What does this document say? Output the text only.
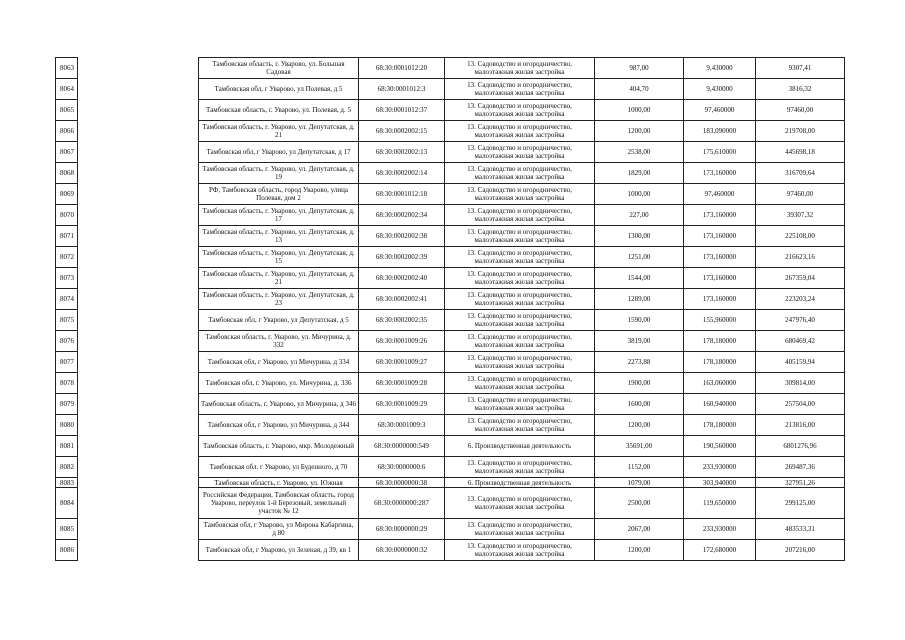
8063		Тамбовская область, г. Уварово, ул. Большая Садовая	68:30:0001012:20	13. Садоводство и огородничество, малоэтажная жилая застройка	987,00	9,430000	9307,41
8064		Тамбовская обл, г Уварово, ул Полевая, д 5	68:30:0001012:3	13. Садоводство и огородничество, малоэтажная жилая застройка	404,70	9,430000	3816,32
8065		Тамбовская область, г. Уварово, ул. Полевая, д. 5	68:30:0001012:37	13. Садоводство и огородничество, малоэтажная жилая застройка	1000,00	97,460000	97460,00
8066		Тамбовская область, г. Уварово, ул. Депутатская, д. 21	68:30:0002002:15	13. Садоводство и огородничество, малоэтажная жилая застройка	1200,00	183,090000	219708,00
8067		Тамбовская обл, г Уварово, ул Депутатская, д 17	68:30:0002002:13	13. Садоводство и огородничество, малоэтажная жилая застройка	2538,00	175,610000	445698,18
8068		Тамбовская область, г. Уварово, ул. Депутатская, д. 19	68:30:0002002:14	13. Садоводство и огородничество, малоэтажная жилая застройка	1829,00	173,160000	316709,64
8069		РФ, Тамбовская область, город Уварово, улица Полевая, дом 2	68:30:0001012:18	13. Садоводство и огородничество, малоэтажная жилая застройка	1000,00	97,460000	97460,00
8070		Тамбовская область, г. Уварово, ул. Депутатская, д. 17	68:30:0002002:34	13. Садоводство и огородничество, малоэтажная жилая застройка	227,00	173,160000	39307,32
8071		Тамбовская область, г. Уварово, ул. Депутатская, д. 13	68:30:0002002:38	13. Садоводство и огородничество, малоэтажная жилая застройка	1300,00	173,160000	225108,00
8072		Тамбовская область, г. Уварово, ул. Депутатская, д. 15	68:30:0002002:39	13. Садоводство и огородничество, малоэтажная жилая застройка	1251,00	173,160000	216623,16
8073		Тамбовская область, г. Уварово, ул. Депутатская, д. 21	68:30:0002002:40	13. Садоводство и огородничество, малоэтажная жилая застройка	1544,00	173,160000	267359,04
8074		Тамбовская область, г. Уварово, ул. Депутатская, д. 23	68:30:0002002:41	13. Садоводство и огородничество, малоэтажная жилая застройка	1289,00	173,160000	223203,24
8075		Тамбовская обл, г Уварово, ул Депутатская, д 5	68:30:0002002:35	13. Садоводство и огородничество, малоэтажная жилая застройка	1590,00	155,960000	247976,40
8076		Тамбовская область, г. Уварово, ул. Мичурина, д. 332	68:30:0001009:26	13. Садоводство и огородничество, малоэтажная жилая застройка	3819,00	178,180000	680469,42
8077		Тамбовская обл, г Уварово, ул Мичурина, д 334	68:30:0001009:27	13. Садоводство и огородничество, малоэтажная жилая застройка	2273,88	178,180000	405159,94
8078		Тамбовская обл, г. Уварово, ул. Мичурина, д. 336	68:30:0001009:28	13. Садоводство и огородничество, малоэтажная жилая застройка	1900,00	163,060000	309814,00
8079		Тамбовская область, г. Уварово, ул Мичурина, д 346	68:30:0001009:29	13. Садоводство и огородничество, малоэтажная жилая застройка	1600,00	160,940000	257504,00
8080		Тамбовская обл, г Уварово, ул Мичурина, д 344	68:30:0001009:3	13. Садоводство и огородничество, малоэтажная жилая застройка	1200,00	178,180000	213816,00
8081		Тамбовская область, г. Уварово, мкр. Молодежный	68:30:0000000:549	6. Производственная деятельность	35691,00	190,560000	6801276,96
8082		Тамбовская обл. г Уварово, ул Буденного, д 70	68:30:0000000:6	13. Садоводство и огородничество, малоэтажная жилая застройка	1152,00	233,930000	269487,36
8083		Тамбовская область, г. Уварово, ул. Южная	68:30:0000000:38	6. Производственная деятельность	1079,00	303,940000	327951,26
8084		Российская Федерация, Тамбовская область, город Уварово, переулок 1-й Березовый, земельный участок № 12	68:30:0000000:287	13. Садоводство и огородничество, малоэтажная жилая застройка	2500,00	119,650000	299125,00
8085		Тамбовская обл, г Уварово, ул Мирона Кабаргина, д 80	68:30:0000000:29	13. Садоводство и огородничество, малоэтажная жилая застройка	2067,00	233,930000	483533,31
8086		Тамбовская обл, г Уварово, ул Зеленая, д 39, кв 1	68:30:0000000:32	13. Садоводство и огородничество, малоэтажная жилая застройка	1200,00	172,680000	207216,00
